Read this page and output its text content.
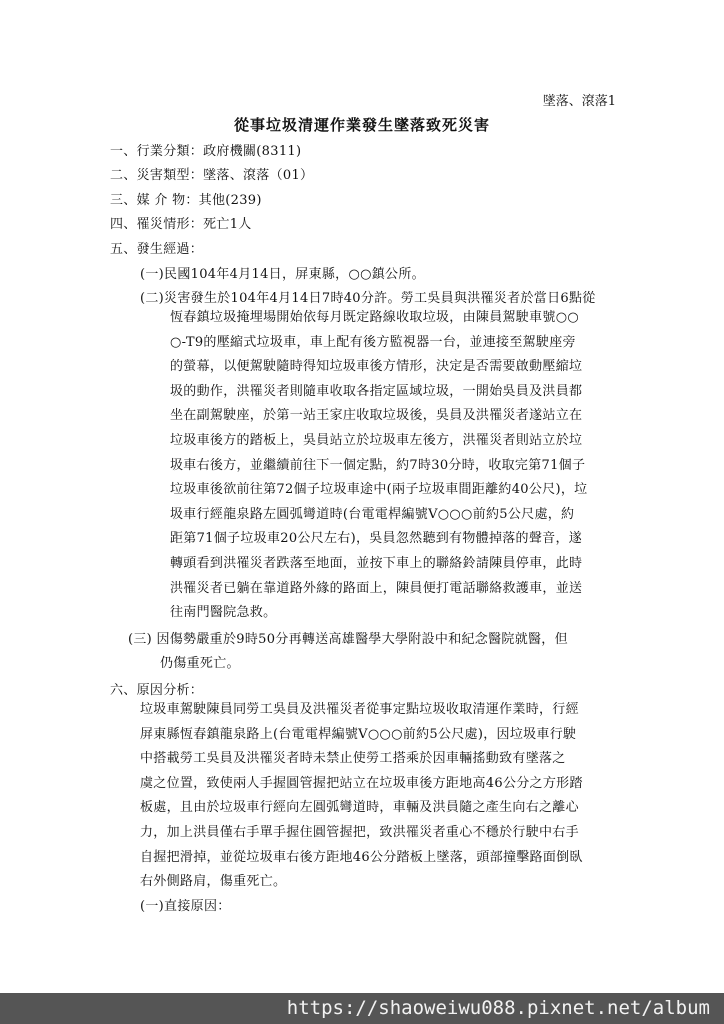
墜落、滾落1
從事垃圾清運作業發生墜落致死災害
一、行業分類：政府機關(8311)
二、災害類型：墜落、滾落（01）
三、媒 介 物：其他(239)
四、罹災情形：死亡1人
五、發生經過：
(一)民國104年4月14日，屏東縣，○○鎮公所。
(二)災害發生於104年4月14日7時40分許。勞工吳員與洪罹災者於當日6點從
恆春鎮垃圾掩埋場開始依每月既定路線收取垃圾，由陳員駕駛車號○○
○-T9的壓縮式垃圾車，車上配有後方監視器一台，並連接至駕駛座旁
的螢幕，以便駕駛隨時得知垃圾車後方情形，決定是否需要啟動壓縮垃
圾的動作，洪罹災者則隨車收取各指定區域垃圾，一開始吳員及洪員都
坐在副駕駛座，於第一站王家庄收取垃圾後，吳員及洪罹災者遂站立在
垃圾車後方的踏板上，吳員站立於垃圾車左後方，洪罹災者則站立於垃
圾車右後方，並繼續前往下一個定點，約7時30分時，收取完第71個子
垃圾車後欲前往第72個子垃圾車途中(兩子垃圾車間距離約40公尺)，垃
圾車行經龍泉路左圓弧彎道時(台電電桿編號V○○○前約5公尺處，約
距第71個子垃圾車20公尺左右)，吳員忽然聽到有物體掉落的聲音，遂
轉頭看到洪罹災者跌落至地面，並按下車上的聯絡鈴請陳員停車，此時
洪罹災者已躺在靠道路外緣的路面上，陳員便打電話聯絡救護車，並送
往南門醫院急救。
(三) 因傷勢嚴重於9時50分再轉送高雄醫學大學附設中和紀念醫院就醫，但
仍傷重死亡。
六、原因分析：
垃圾車駕駛陳員同勞工吳員及洪罹災者從事定點垃圾收取清運作業時，行經
屏東縣恆春鎮龍泉路上(台電電桿編號V○○○前約5公尺處)，因垃圾車行駛
中搭載勞工吳員及洪罹災者時未禁止使勞工搭乘於因車輛搖動致有墜落之
虞之位置，致使兩人手握圓管握把站立在垃圾車後方距地高46公分之方形踏
板處，且由於垃圾車行經向左圓弧彎道時，車輛及洪員隨之產生向右之離心
力，加上洪員僅右手單手握住圓管握把，致洪罹災者重心不穩於行駛中右手
自握把滑掉，並從垃圾車右後方距地46公分踏板上墜落，頭部撞擊路面倒臥
右外側路肩，傷重死亡。
(一)直接原因：
https://shaoweiwu088.pixnet.net/album
